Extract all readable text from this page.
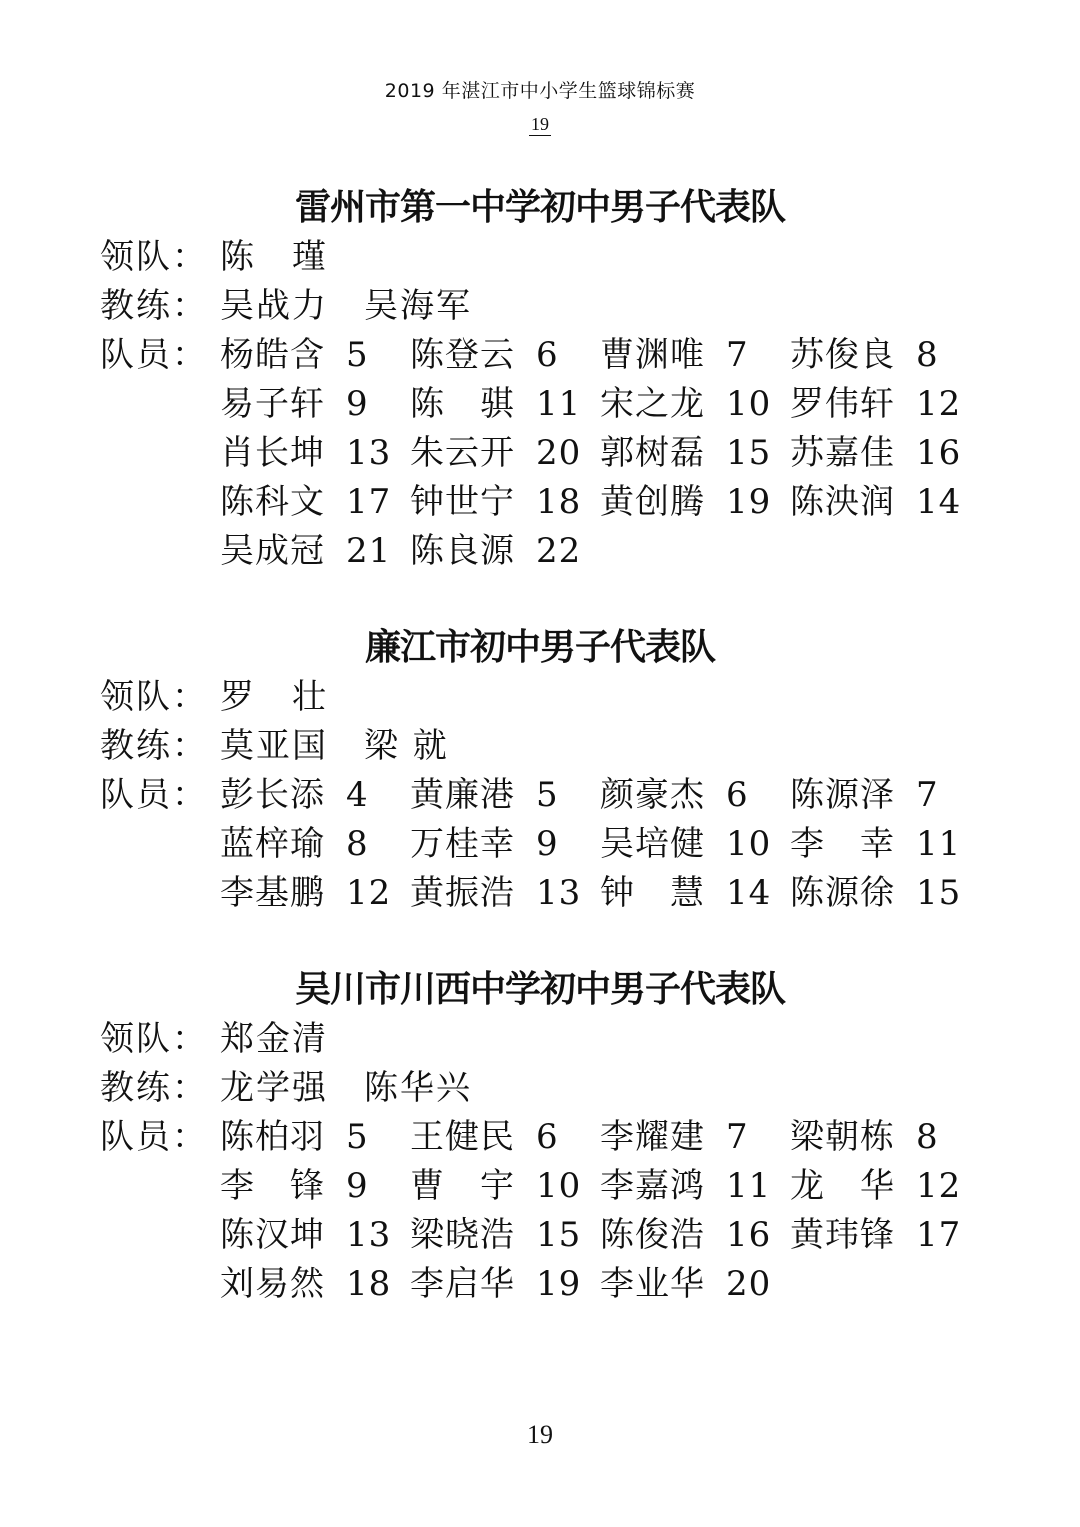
2019 年湛江市中小学生篮球锦标赛
19
雷州市第一中学初中男子代表队
领队： 陈　瑾
教练： 吴战力　吴海军
队员： 杨皓含 5 陈登云 6 曹渊唯 7 苏俊良 8
易子轩 9 陈　骐 11 宋之龙 10 罗伟轩 12
肖长坤 13 朱云开 20 郭树磊 15 苏嘉佳 16
陈科文 17 钟世宁 18 黄创腾 19 陈泱润 14
吴成冠 21 陈良源 22
廉江市初中男子代表队
领队： 罗　壮
教练： 莫亚国　梁 就
队员： 彭长添 4 黄廉港 5 颜豪杰 6 陈源泽 7
蓝梓瑜 8 万桂幸 9 吴培健 10 李　幸 11
李基鹏 12 黄振浩 13 钟　慧 14 陈源徐 15
吴川市川西中学初中男子代表队
领队： 郑金清
教练： 龙学强　陈华兴
队员： 陈柏羽 5 王健民 6 李耀建 7 梁朝栋 8
李　锋 9 曹　宇 10 李嘉鸿 11 龙　华 12
陈汉坤 13 梁晓浩 15 陈俊浩 16 黄玮锋 17
刘易然 18 李启华 19 李业华 20
19
